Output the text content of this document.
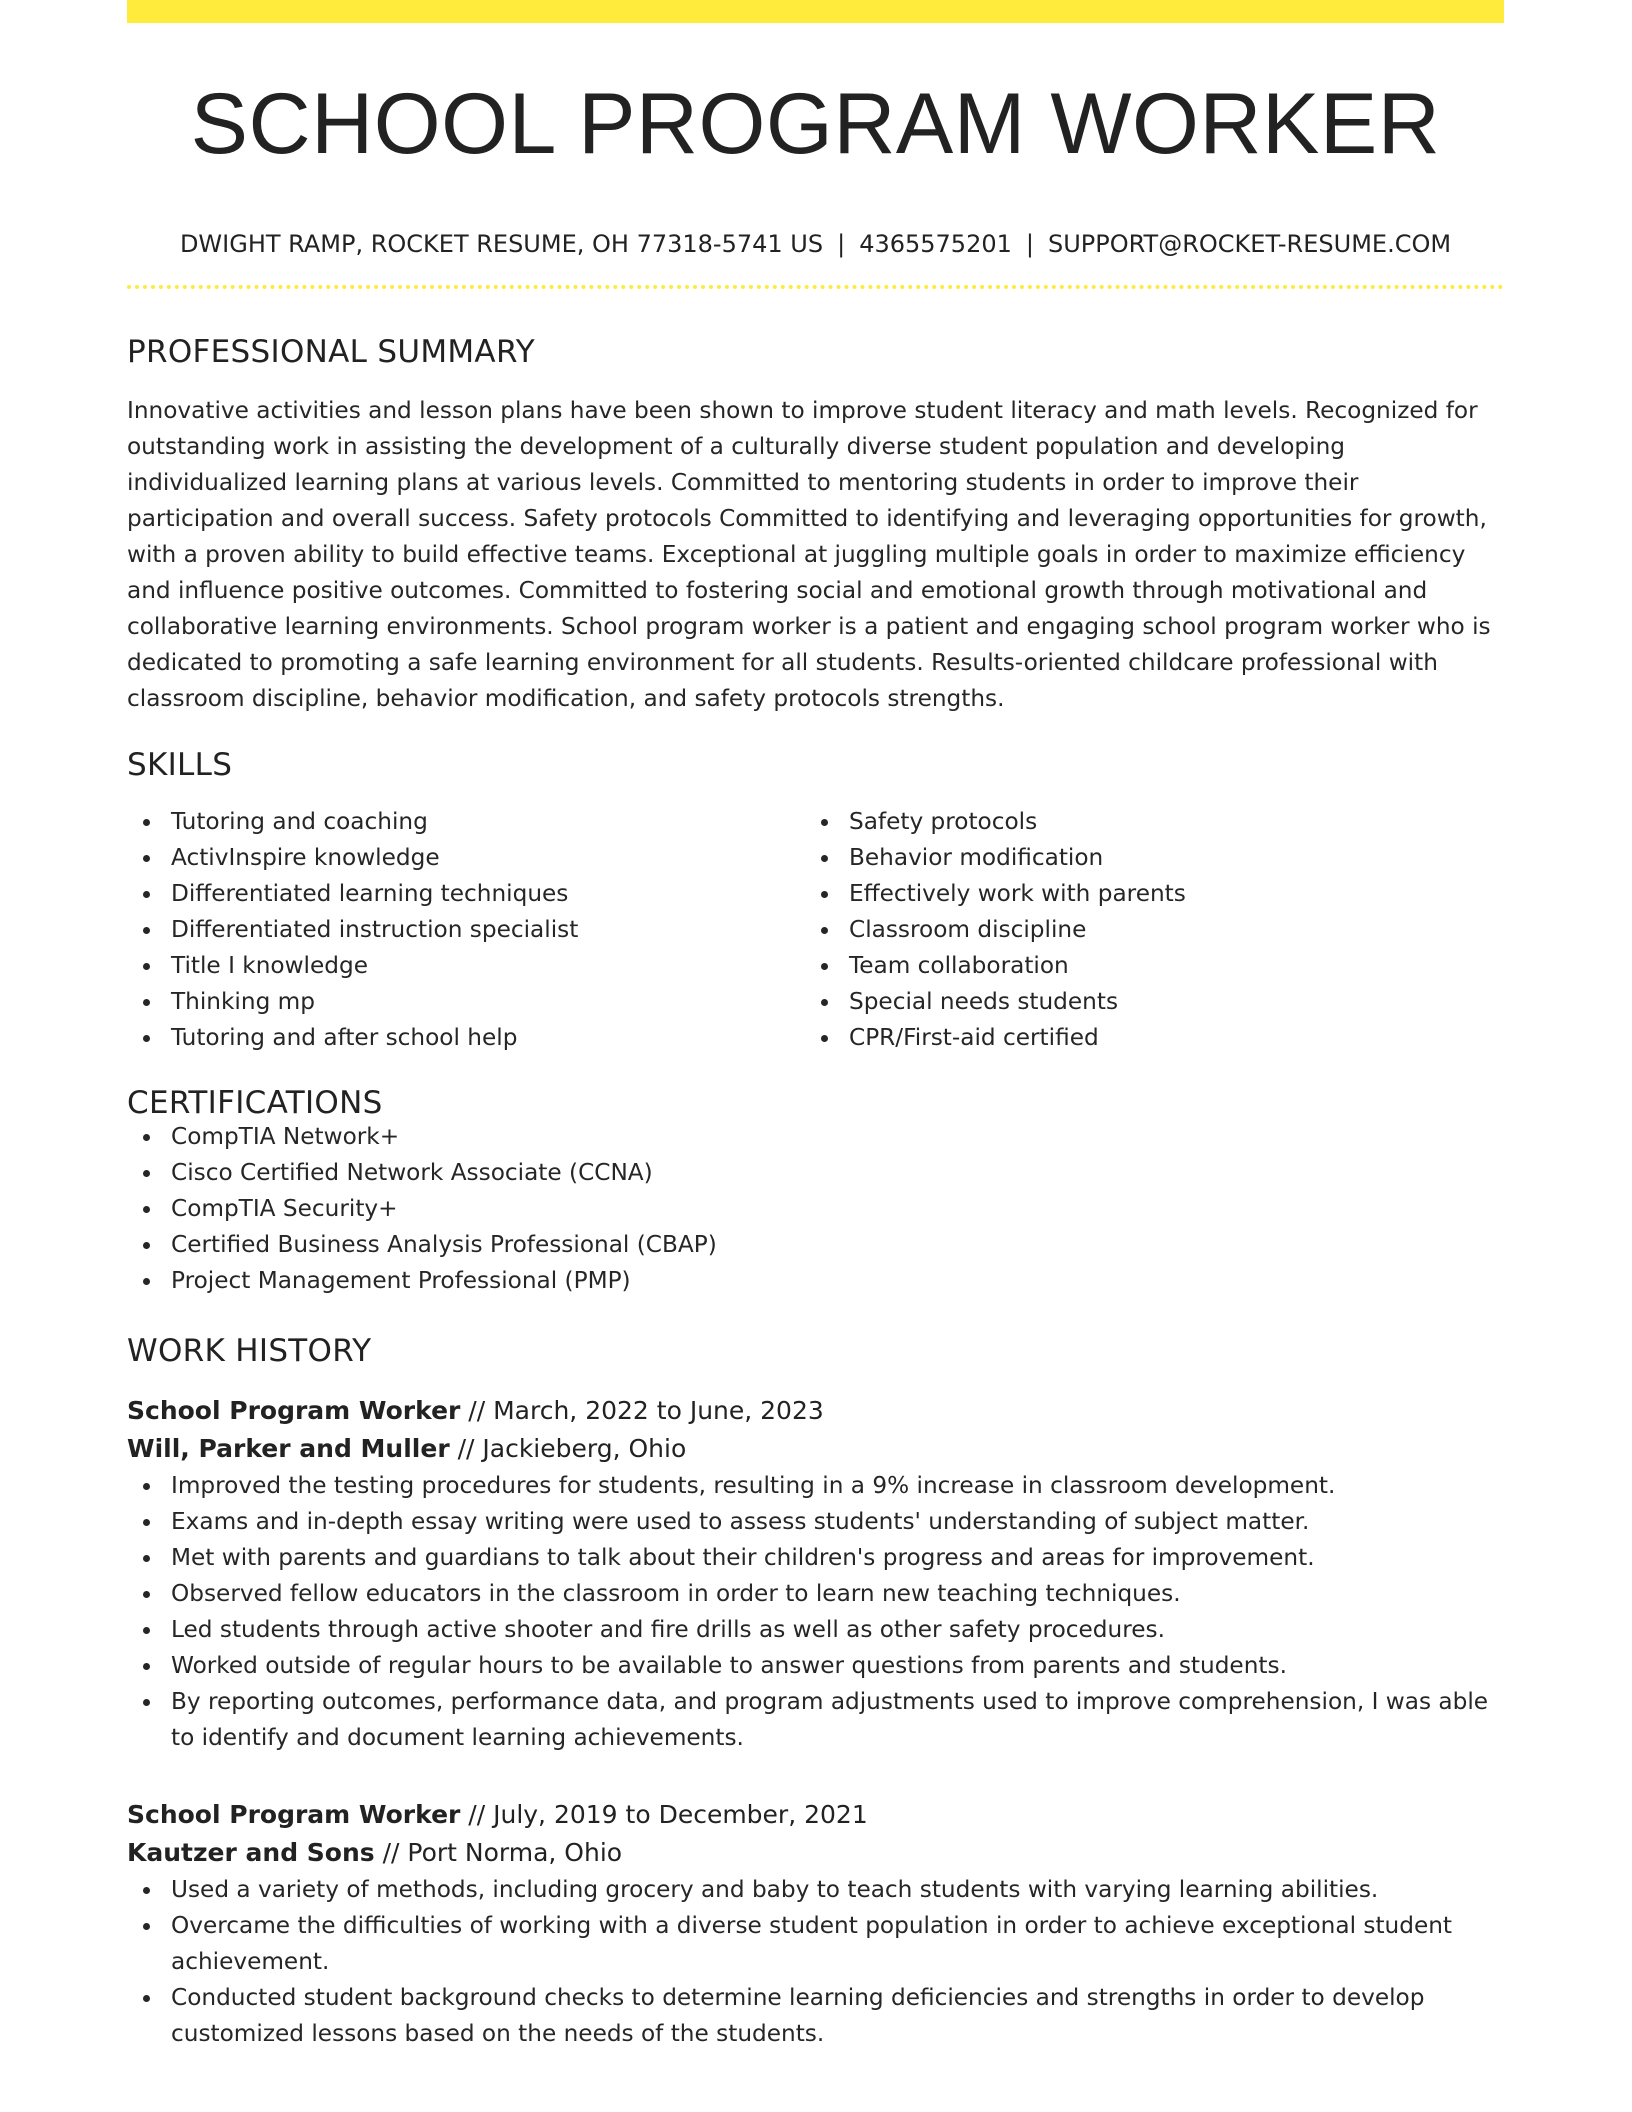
SCHOOL PROGRAM WORKER
DWIGHT RAMP, ROCKET RESUME, OH 77318-5741 US | 4365575201 | SUPPORT@ROCKET-RESUME.COM
PROFESSIONAL SUMMARY
Innovative activities and lesson plans have been shown to improve student literacy and math levels. Recognized for outstanding work in assisting the development of a culturally diverse student population and developing individualized learning plans at various levels. Committed to mentoring students in order to improve their participation and overall success. Safety protocols Committed to identifying and leveraging opportunities for growth, with a proven ability to build effective teams. Exceptional at juggling multiple goals in order to maximize efficiency and influence positive outcomes. Committed to fostering social and emotional growth through motivational and collaborative learning environments. School program worker is a patient and engaging school program worker who is dedicated to promoting a safe learning environment for all students. Results-oriented childcare professional with classroom discipline, behavior modification, and safety protocols strengths.
SKILLS
Tutoring and coaching
ActivInspire knowledge
Differentiated learning techniques
Differentiated instruction specialist
Title I knowledge
Thinking mp
Tutoring and after school help
Safety protocols
Behavior modification
Effectively work with parents
Classroom discipline
Team collaboration
Special needs students
CPR/First-aid certified
CERTIFICATIONS
CompTIA Network+
Cisco Certified Network Associate (CCNA)
CompTIA Security+
Certified Business Analysis Professional (CBAP)
Project Management Professional (PMP)
WORK HISTORY
School Program Worker // March, 2022 to June, 2023
Will, Parker and Muller // Jackieberg, Ohio
Improved the testing procedures for students, resulting in a 9% increase in classroom development.
Exams and in-depth essay writing were used to assess students' understanding of subject matter.
Met with parents and guardians to talk about their children's progress and areas for improvement.
Observed fellow educators in the classroom in order to learn new teaching techniques.
Led students through active shooter and fire drills as well as other safety procedures.
Worked outside of regular hours to be available to answer questions from parents and students.
By reporting outcomes, performance data, and program adjustments used to improve comprehension, I was able to identify and document learning achievements.
School Program Worker // July, 2019 to December, 2021
Kautzer and Sons // Port Norma, Ohio
Used a variety of methods, including grocery and baby to teach students with varying learning abilities.
Overcame the difficulties of working with a diverse student population in order to achieve exceptional student achievement.
Conducted student background checks to determine learning deficiencies and strengths in order to develop customized lessons based on the needs of the students.
